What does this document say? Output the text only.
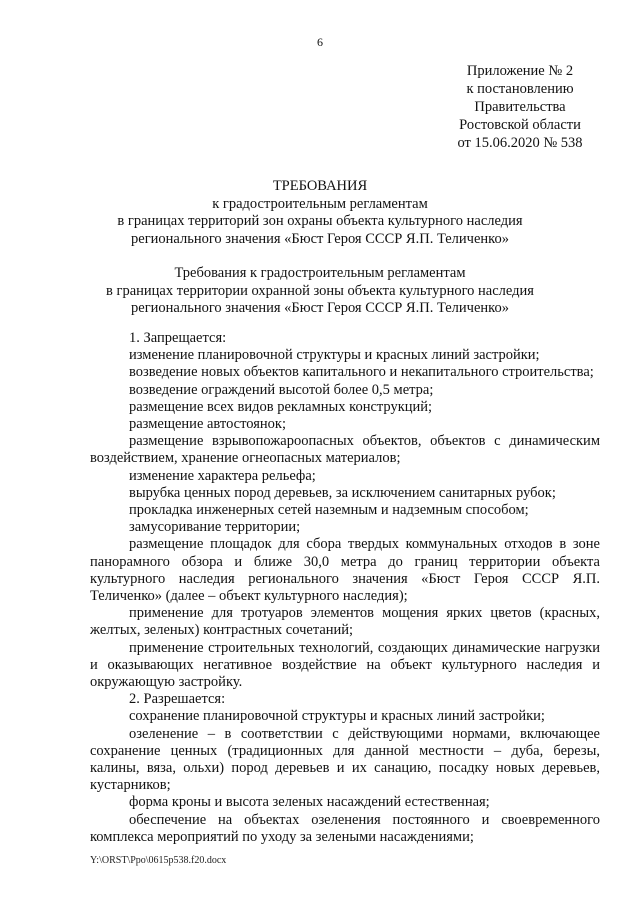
6
Приложение № 2
к постановлению
Правительства
Ростовской области
от 15.06.2020 № 538
ТРЕБОВАНИЯ
к градостроительным регламентам
в границах территорий зон охраны объекта культурного наследия
регионального значения «Бюст Героя СССР Я.П. Теличенко»
Требования к градостроительным регламентам
в границах территории охранной зоны объекта культурного наследия
регионального значения «Бюст Героя СССР Я.П. Теличенко»

1. Запрещается:

изменение планировочной структуры и красных линий застройки;

возведение новых объектов капитального и некапитального строительства;

возведение ограждений высотой более 0,5 метра;

размещение всех видов рекламных конструкций;

размещение автостоянок;

размещение взрывопожароопасных объектов, объектов с динамическим воздействием, хранение огнеопасных материалов;

изменение характера рельефа;

вырубка ценных пород деревьев, за исключением санитарных рубок;

прокладка инженерных сетей наземным и надземным способом;

замусоривание территории;

размещение площадок для сбора твердых коммунальных отходов в зоне панорамного обзора и ближе 30,0 метра до границ территории объекта культурного наследия регионального значения «Бюст Героя СССР Я.П. Теличенко» (далее – объект культурного наследия);

применение для тротуаров элементов мощения ярких цветов (красных, желтых, зеленых) контрастных сочетаний;

применение строительных технологий, создающих динамические нагрузки и оказывающих негативное воздействие на объект культурного наследия и окружающую застройку.

2. Разрешается:

сохранение планировочной структуры и красных линий застройки;

озеленение – в соответствии с действующими нормами, включающее сохранение ценных (традиционных для данной местности – дуба, березы, калины, вяза, ольхи) пород деревьев и их санацию, посадку новых деревьев, кустарников;

форма кроны и высота зеленых насаждений естественная;

обеспечение на объектах озеленения постоянного и своевременного комплекса мероприятий по уходу за зелеными насаждениями;

Y:\ORST\Ppo\0615p538.f20.docx
